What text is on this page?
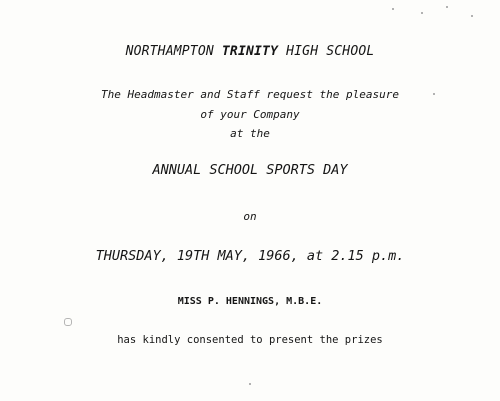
NORTHAMPTON TRINITY HIGH SCHOOL
The Headmaster and Staff request the pleasure
of your Company
at the
ANNUAL SCHOOL SPORTS DAY
on
THURSDAY, 19TH MAY, 1966, at 2.15 p.m.
MISS P. HENNINGS, M.B.E.
has kindly consented to present the prizes
